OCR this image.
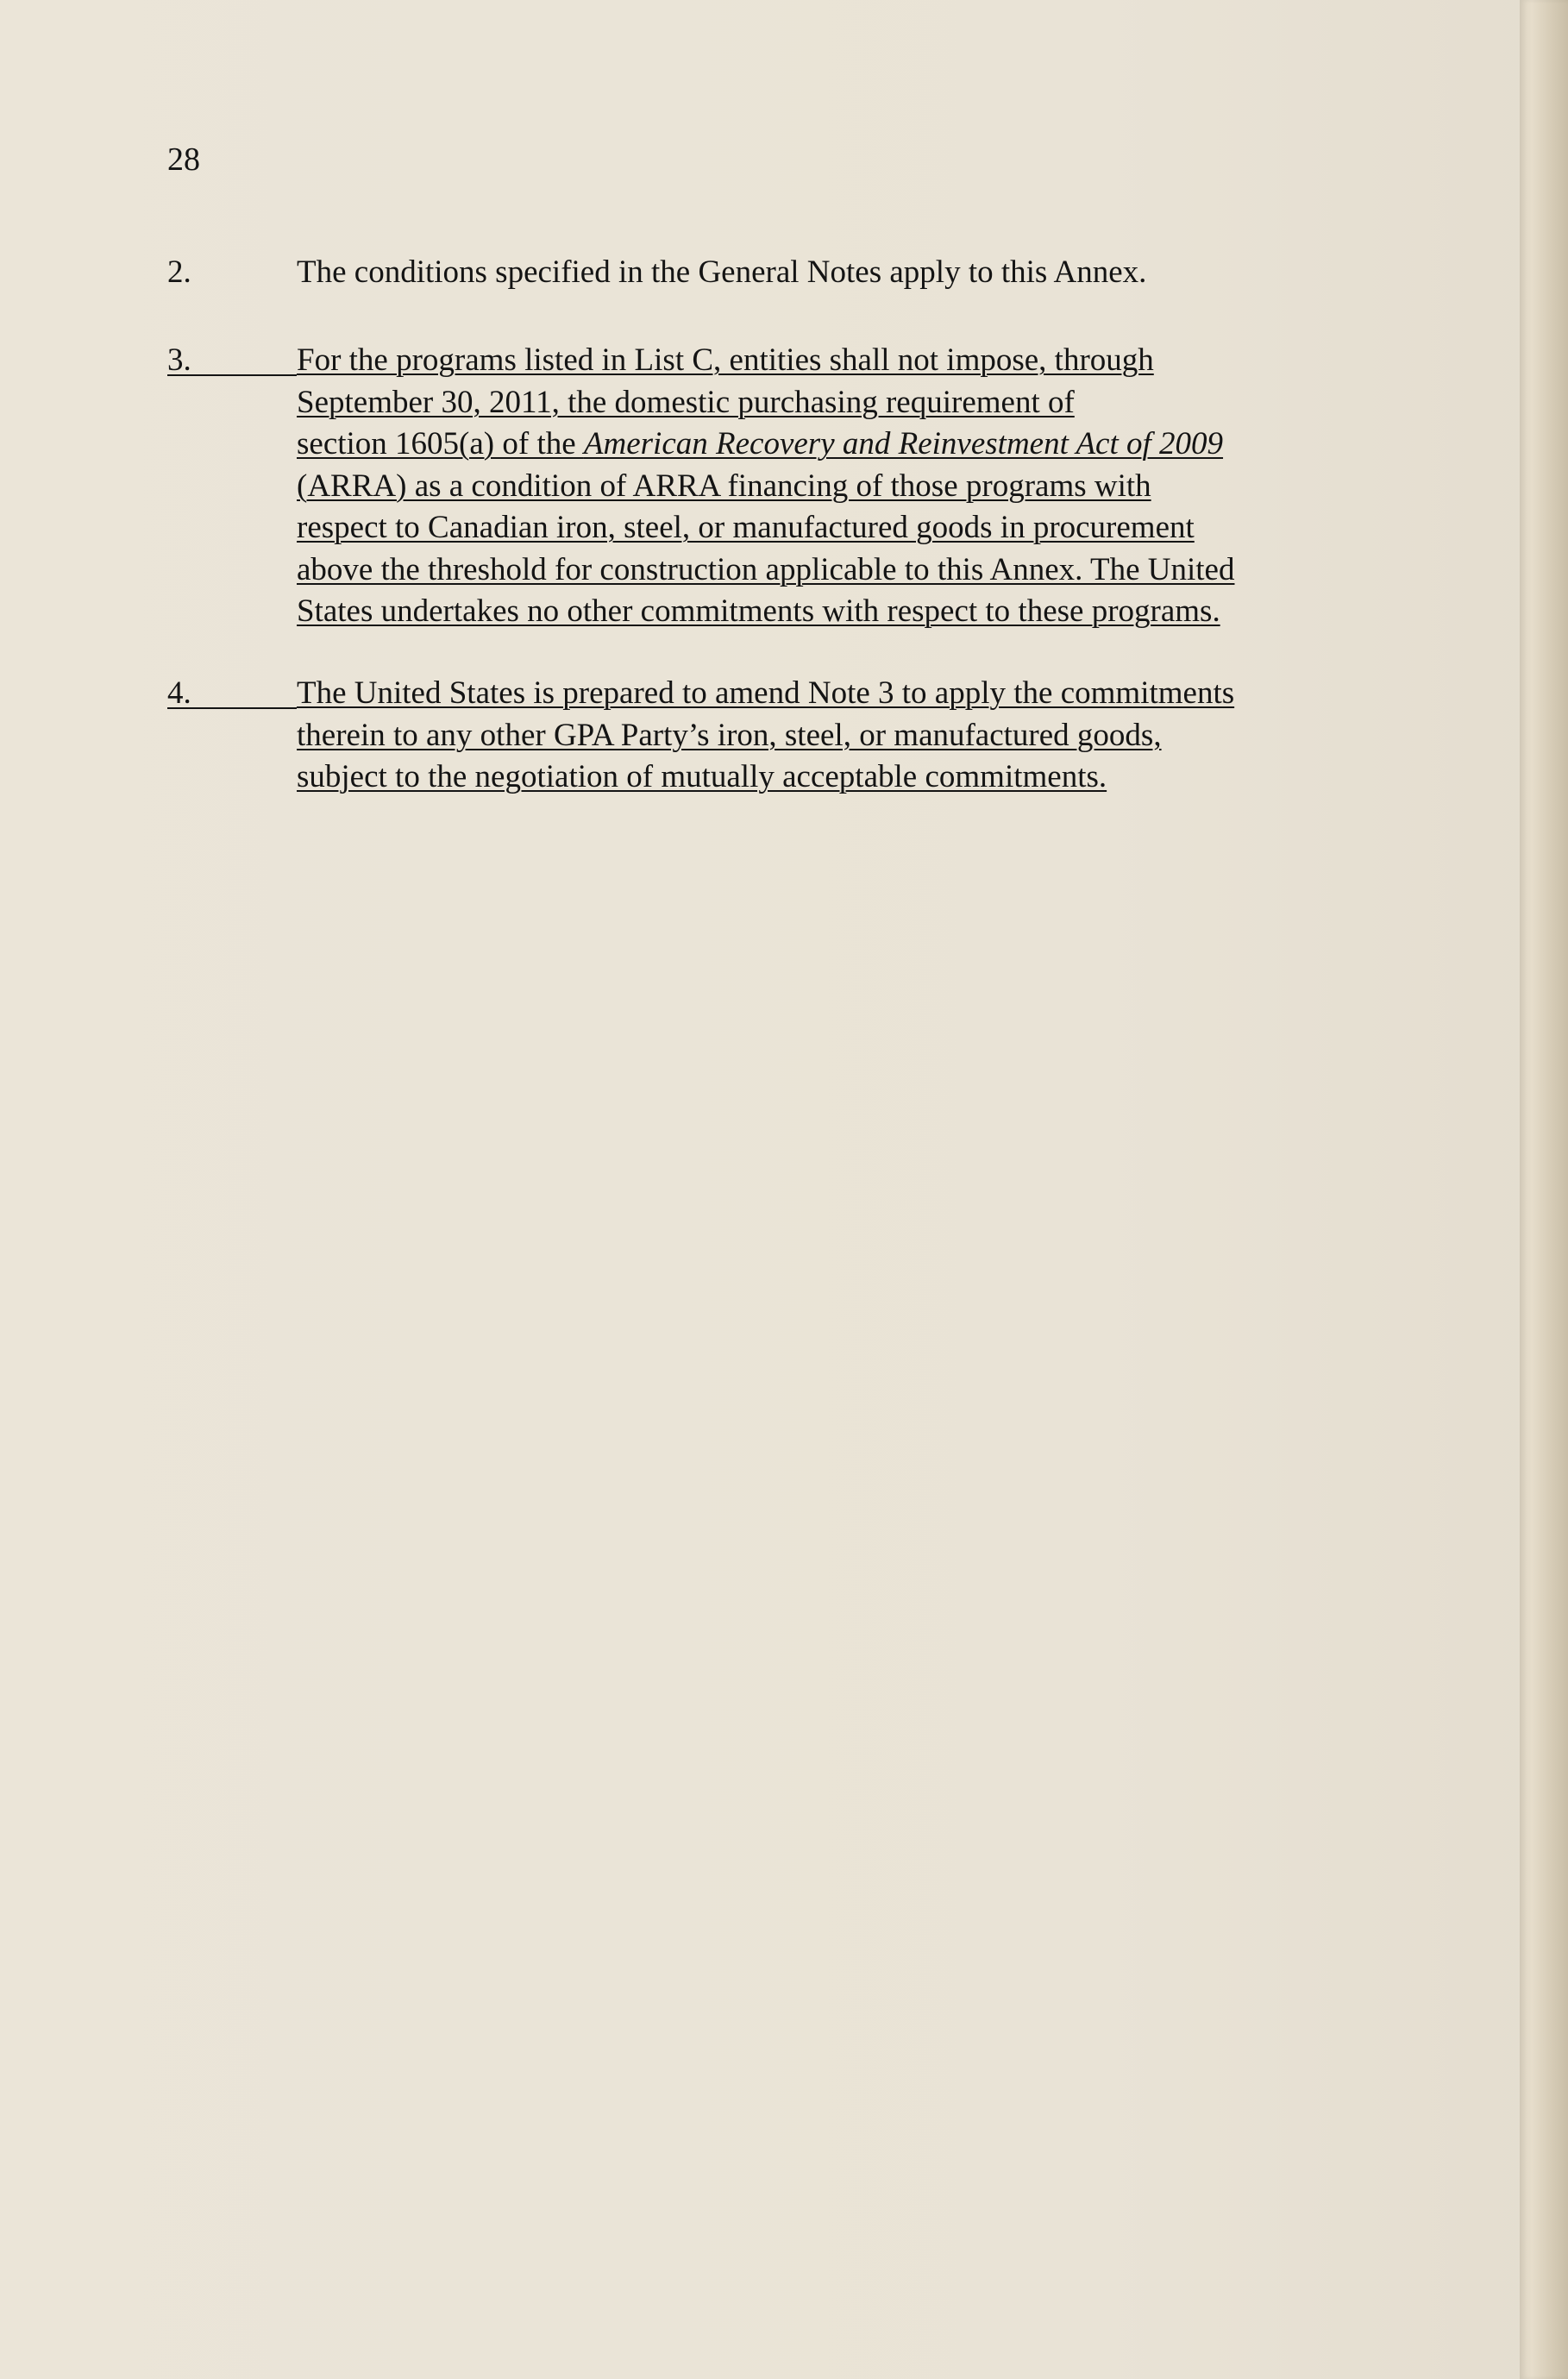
28
2.	The conditions specified in the General Notes apply to this Annex.
3.	For the programs listed in List C, entities shall not impose, through
September 30, 2011, the domestic purchasing requirement of
section 1605(a) of the American Recovery and Reinvestment Act of 2009
(ARRA) as a condition of ARRA financing of those programs with
respect to Canadian iron, steel, or manufactured goods in procurement
above the threshold for construction applicable to this Annex. The United
States undertakes no other commitments with respect to these programs.
4.	The United States is prepared to amend Note 3 to apply the commitments
therein to any other GPA Party’s iron, steel, or manufactured goods,
subject to the negotiation of mutually acceptable commitments.
